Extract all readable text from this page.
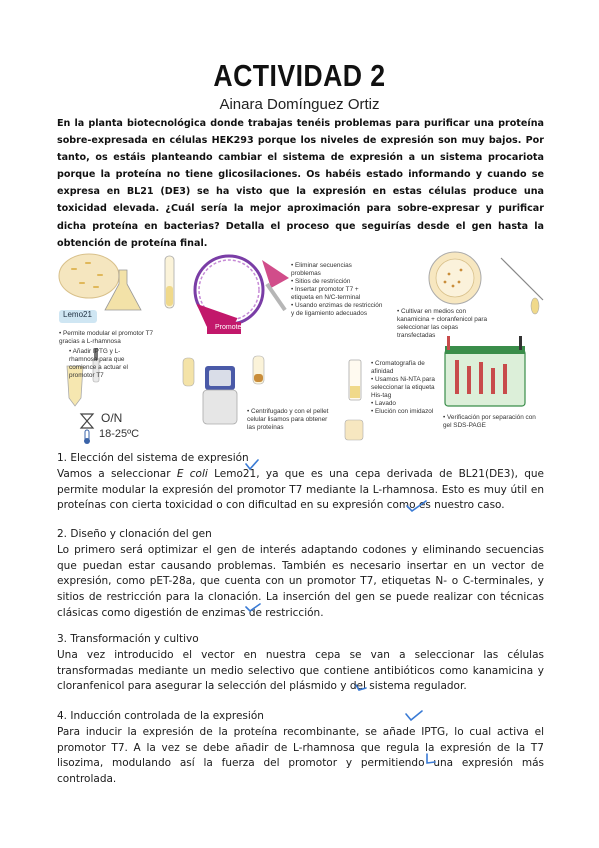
ACTIVIDAD 2
Ainara Domínguez Ortiz
En la planta biotecnológica donde trabajas tenéis problemas para purificar una proteína sobre-expresada en células HEK293 porque los niveles de expresión son muy bajos. Por tanto, os estáis planteando cambiar el sistema de expresión a un sistema procariota porque la proteína no tiene glicosilaciones. Os habéis estado informando y cuando se expresa en BL21 (DE3) se ha visto que la expresión en estas células produce una toxicidad elevada. ¿Cuál sería la mejor aproximación para sobre-expresar y purificar dicha proteína en bacterias? Detalla el proceso que seguirías desde el gen hasta la obtención de proteína final.
Lemo21
• Permite modular el promotor T7 gracias a L-rhamnosa
Promoter
• Eliminar secuencias problemas
• Sitios de restricción
• Insertar promotor T7 + etiqueta en N/C-terminal
• Usando enzimas de restricción y de ligamiento adecuados	• Cultivar en medios con kanamicina + cloranfenicol para seleccionar las cepas transfectadas
• Añadir IPTG y L-rhamnosa para que comience a actuar el promotor T7
O/N
18-25ºC
• Centrifugado y con el pellet celular lisamos para obtener las proteínas
• Cromatografía de afinidad
• Usamos Ni-NTA para seleccionar la etiqueta His-tag
• Lavado
• Elución con imidazol
• Verificación por separación con gel SDS-PAGE
1. Elección del sistema de expresión

Vamos a seleccionar E coli Lemo21, ya que es una cepa derivada de BL21(DE3), que permite modular la expresión del promotor T7 mediante la L-rhamnosa. Esto es muy útil en proteínas con cierta toxicidad o con dificultad en su expresión como es nuestro caso.

2. Diseño y clonación del gen

Lo primero será optimizar el gen de interés adaptando codones y eliminando secuencias que puedan estar causando problemas. También es necesario insertar en un vector de expresión, como pET-28a, que cuenta con un promotor T7, etiquetas N- o C-terminales, y sitios de restricción para la clonación. La inserción del gen se puede realizar con técnicas clásicas como digestión de enzimas de restricción.

3. Transformación y cultivo

Una vez introducido el vector en nuestra cepa se van a seleccionar las células transformadas mediante un medio selectivo que contiene antibióticos como kanamicina y cloranfenicol para asegurar la selección del plásmido y del sistema regulador.

4. Inducción controlada de la expresión

Para inducir la expresión de la proteína recombinante, se añade IPTG, lo cual activa el promotor T7. A la vez se debe añadir de L-rhamnosa que regula la expresión de la T7 lisozima, modulando así la fuerza del promotor y permitiendo una expresión más controlada.
